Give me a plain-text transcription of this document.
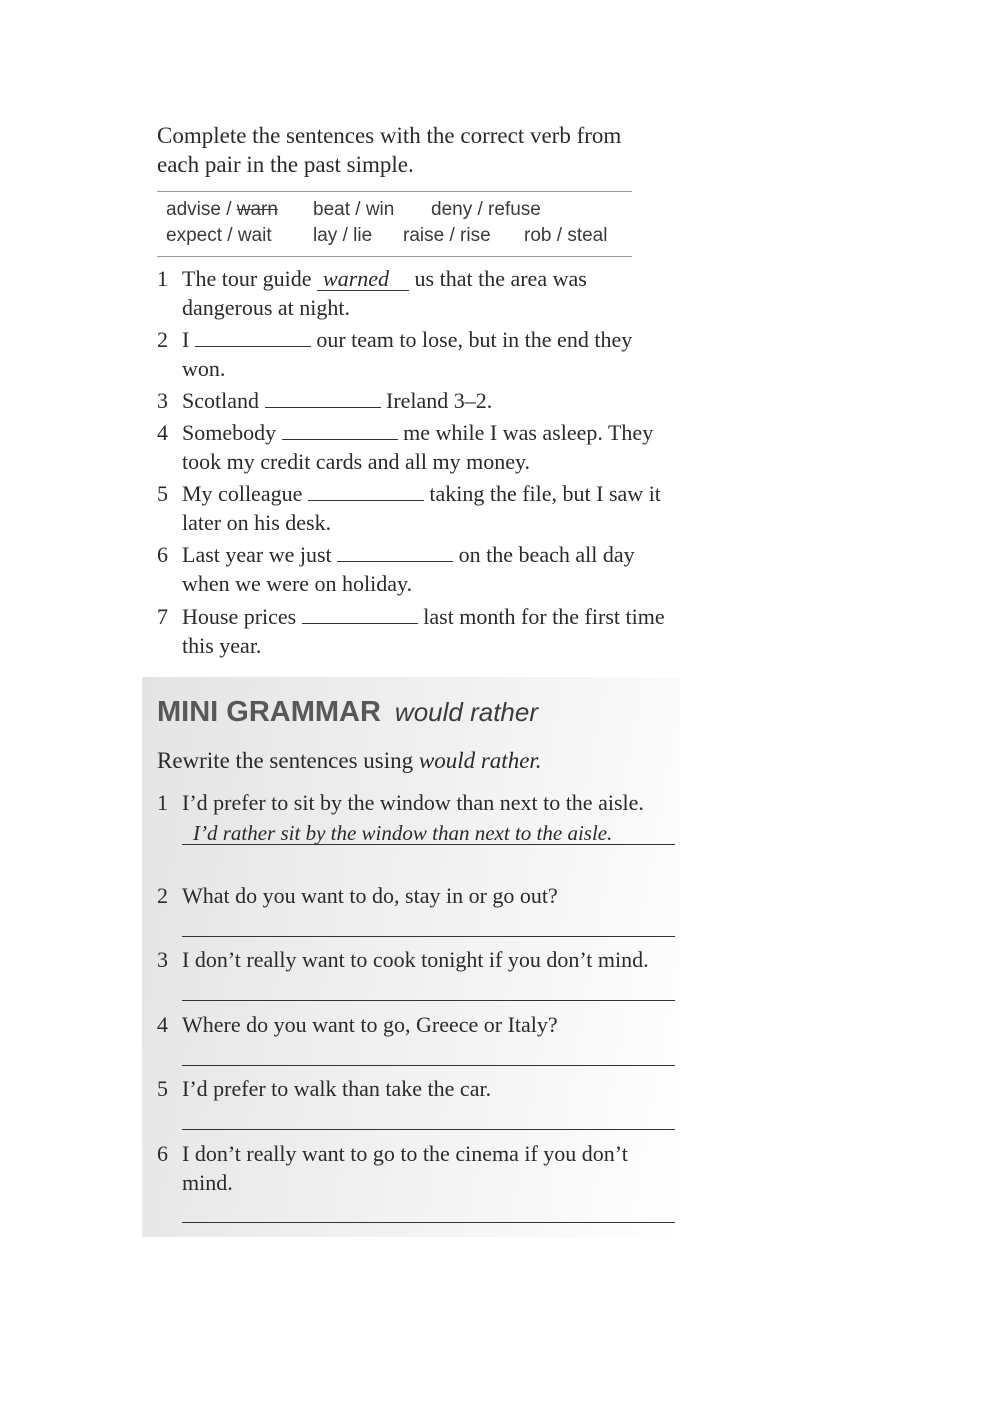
Complete the sentences with the correct verb from each pair in the past simple.
advise / warn beat / win deny / refuse
expect / wait lay / lie raise / rise rob / steal
1 The tour guide warned us that the area was dangerous at night.
2 I	our team to lose, but in the end they won.
3 Scotland	Ireland 3–2.
4 Somebody	me while I was asleep. They took my credit cards and all my money.
5 My colleague	taking the file, but I saw it later on his desk.
6 Last year we just	on the beach all day when we were on holiday.
7 House prices	last month for the first time this year.
MINI GRAMMAR would rather
Rewrite the sentences using would rather.
1 I’d prefer to sit by the window than next to the aisle.
I’d rather sit by the window than next to the aisle.
2 What do you want to do, stay in or go out?
3 I don’t really want to cook tonight if you don’t mind.
4 Where do you want to go, Greece or Italy?
5 I’d prefer to walk than take the car.
6 I don’t really want to go to the cinema if you don’t mind.
